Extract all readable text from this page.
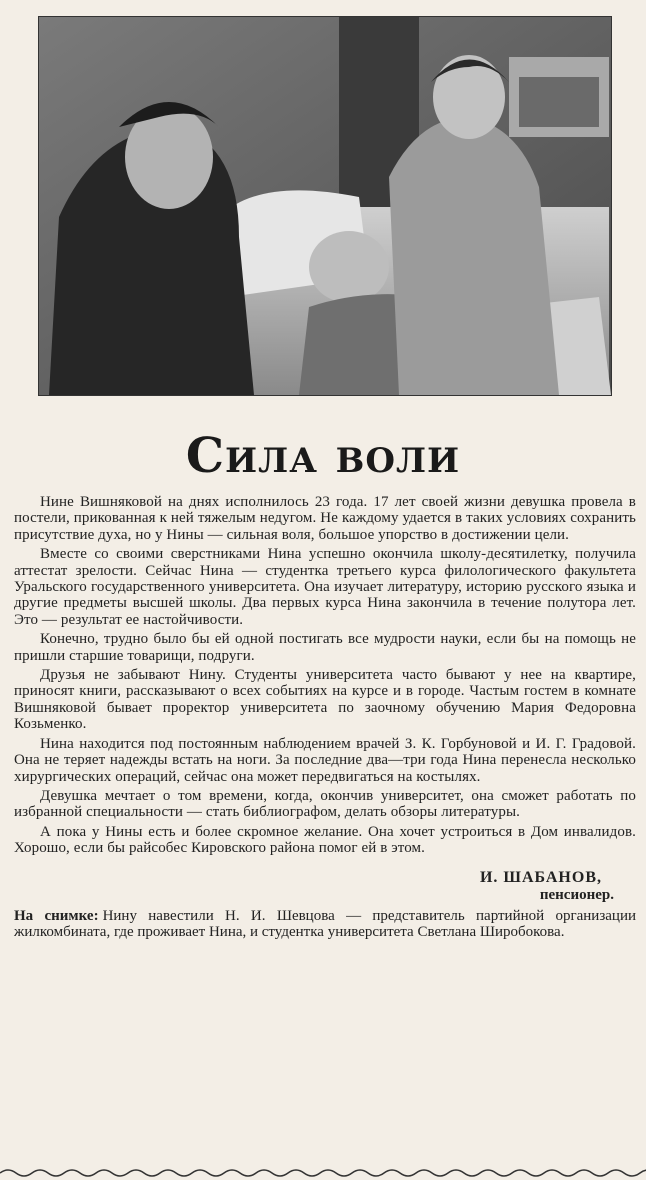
Сила воли

Нине Вишняковой на днях исполнилось 23 года. 17 лет своей жизни девушка провела в постели, прикованная к ней тяжелым недугом. Не каждому удается в таких условиях сохранить присутствие духа, но у Нины — сильная воля, большое упорство в достижении цели.

Вместе со своими сверстниками Нина успешно окончила школу-десятилетку, получила аттестат зрелости. Сейчас Нина — студентка третьего курса филологического факультета Уральского государственного университета. Она изучает литературу, историю русского языка и другие предметы высшей школы. Два первых курса Нина закончила в течение полутора лет. Это — результат ее настойчивости.

Конечно, трудно было бы ей одной постигать все мудрости науки, если бы на помощь не пришли старшие товарищи, подруги.

Друзья не забывают Нину. Студенты университета часто бывают у нее на квартире, приносят книги, рассказывают о всех событиях на курсе и в городе. Частым гостем в комнате Вишняковой бывает проректор университета по заочному обучению Мария Федоровна Козьменко.

Нина находится под постоянным наблюдением врачей З. К. Горбуновой и И. Г. Градовой. Она не теряет надежды встать на ноги. За последние два—три года Нина перенесла несколько хирургических операций, сейчас она может передвигаться на костылях.

Девушка мечтает о том времени, когда, окончив университет, она сможет работать по избранной специальности — стать библиографом, делать обзоры литературы.

А пока у Нины есть и более скромное желание. Она хочет устроиться в Дом инвалидов. Хорошо, если бы райсобес Кировского района помог ей в этом.

И. ШАБАНОВ,
пенсионер.

На снимке: Нину навестили Н. И. Шевцова — представитель партийной организации жилкомбината, где проживает Нина, и студентка университета Светлана Широбокова.
